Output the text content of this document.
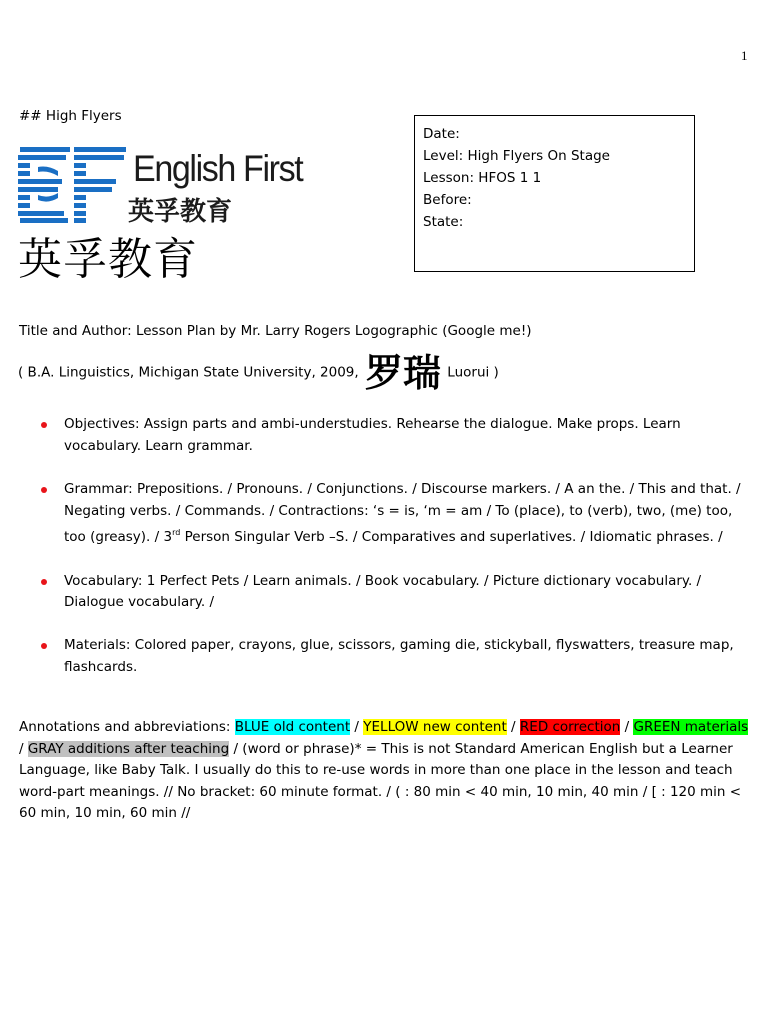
1
## High Flyers
English First
英孚教育
英孚教育
Date:
Level: High Flyers On Stage
Lesson: HFOS 1 1
Before:
State:
Title and Author: Lesson Plan by Mr. Larry Rogers Logographic (Google me!)
( B.A. Linguistics, Michigan State University, 2009, 罗瑞 Luorui )
Objectives: Assign parts and ambi-understudies. Rehearse the dialogue. Make props. Learn vocabulary. Learn grammar.
Grammar: Prepositions. / Pronouns. / Conjunctions. / Discourse markers. / A an the. / This and that. / Negating verbs. / Commands. / Contractions: ‘s = is, ‘m = am / To (place), to (verb), two, (me) too, too (greasy). / 3rd Person Singular Verb –S. / Comparatives and superlatives. / Idiomatic phrases. /
Vocabulary: 1 Perfect Pets / Learn animals. / Book vocabulary. / Picture dictionary vocabulary. / Dialogue vocabulary. /
Materials: Colored paper, crayons, glue, scissors, gaming die, stickyball, flyswatters, treasure map, flashcards.
Annotations and abbreviations: BLUE old content / YELLOW new content / RED correction / GREEN materials / GRAY additions after teaching / (word or phrase)* = This is not Standard American English but a Learner Language, like Baby Talk. I usually do this to re-use words in more than one place in the lesson and teach word-part meanings. // No bracket: 60 minute format. / ( : 80 min < 40 min, 10 min, 40 min / [ : 120 min < 60 min, 10 min, 60 min //
